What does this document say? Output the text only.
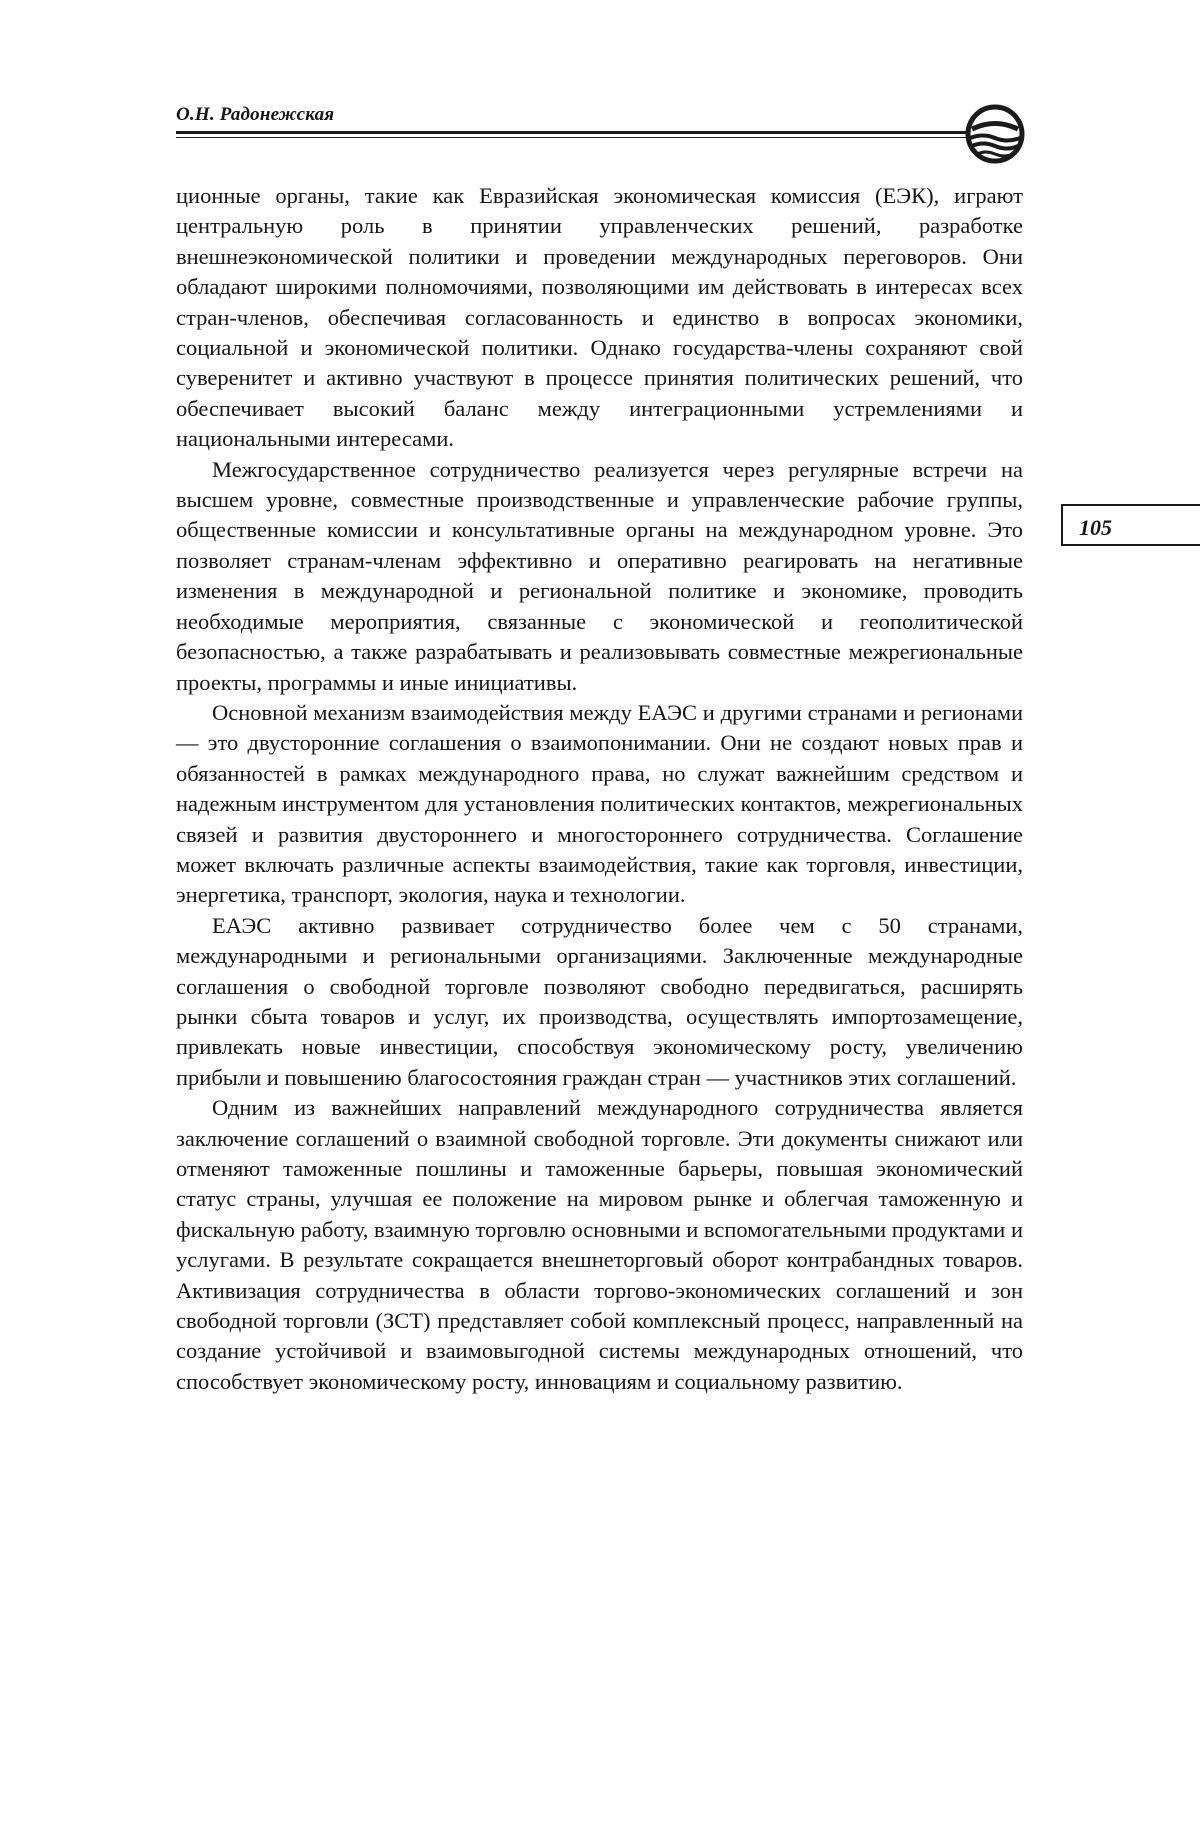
О.Н. Радонежская
105

ционные органы, такие как Евразийская экономическая комиссия (ЕЭК), играют центральную роль в принятии управленческих решений, разработке внешнеэкономической политики и проведении международных переговоров. Они обладают широкими полномочиями, позволяющими им действовать в интересах всех стран-членов, обеспечивая согласованность и единство в вопросах экономики, социальной и экономической политики. Однако государства-члены сохраняют свой суверенитет и активно участвуют в процессе принятия политических решений, что обеспечивает высокий баланс между интеграционными устремлениями и национальными интересами.

Межгосударственное сотрудничество реализуется через регулярные встречи на высшем уровне, совместные производственные и управленческие рабочие группы, общественные комиссии и консультативные органы на международном уровне. Это позволяет странам-членам эффективно и оперативно реагировать на негативные изменения в международной и региональной политике и экономике, проводить необходимые мероприятия, связанные с экономической и геополитической безопасностью, а также разрабатывать и реализовывать совместные межрегиональные проекты, программы и иные инициативы.

Основной механизм взаимодействия между ЕАЭС и другими странами и регионами — это двусторонние соглашения о взаимопонимании. Они не создают новых прав и обязанностей в рамках международного права, но служат важнейшим средством и надежным инструментом для установления политических контактов, межрегиональных связей и развития двустороннего и многостороннего сотрудничества. Соглашение может включать различные аспекты взаимодействия, такие как торговля, инвестиции, энергетика, транспорт, экология, наука и технологии.

ЕАЭС активно развивает сотрудничество более чем с 50 странами, международными и региональными организациями. Заключенные международные соглашения о свободной торговле позволяют свободно передвигаться, расширять рынки сбыта товаров и услуг, их производства, осуществлять импортозамещение, привлекать новые инвестиции, способствуя экономическому росту, увеличению прибыли и повышению благосостояния граждан стран — участников этих соглашений.

Одним из важнейших направлений международного сотрудничества является заключение соглашений о взаимной свободной торговле. Эти документы снижают или отменяют таможенные пошлины и таможенные барьеры, повышая экономический статус страны, улучшая ее положение на мировом рынке и облегчая таможенную и фискальную работу, взаимную торговлю основными и вспомогательными продуктами и услугами. В результате сокращается внешнеторговый оборот контрабандных товаров. Активизация сотрудничества в области торгово-экономических соглашений и зон свободной торговли (ЗСТ) представляет собой комплексный процесс, направленный на создание устойчивой и взаимовыгодной системы международных отношений, что способствует экономическому росту, инновациям и социальному развитию.
